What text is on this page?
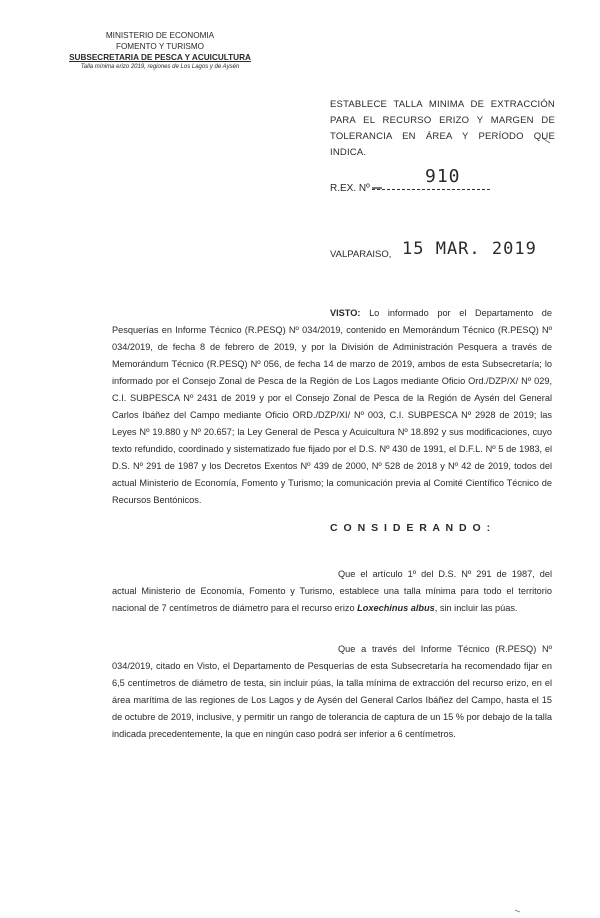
MINISTERIO DE ECONOMIA
FOMENTO Y TURISMO
SUBSECRETARIA DE PESCA Y ACUICULTURA
Talla mínima erizo 2019, regiones de Los Lagos y de Aysén
ESTABLECE TALLA MINIMA DE EXTRACCIÓN PARA EL RECURSO ERIZO Y MARGEN DE TOLERANCIA EN ÁREA Y PERÍODO QUE INDICA.
R.EX. Nº
910
VALPARAISO, 15 MAR. 2019
VISTO: Lo informado por el Departamento de Pesquerías en Informe Técnico (R.PESQ) Nº 034/2019, contenido en Memorándum Técnico (R.PESQ) Nº 034/2019, de fecha 8 de febrero de 2019, y por la División de Administración Pesquera a través de Memorándum Técnico (R.PESQ) Nº 056, de fecha 14 de marzo de 2019, ambos de esta Subsecretaría; lo informado por el Consejo Zonal de Pesca de la Región de Los Lagos mediante Oficio Ord./DZP/X/ Nº 029, C.I. SUBPESCA Nº 2431 de 2019 y por el Consejo Zonal de Pesca de la Región de Aysén del General Carlos Ibáñez del Campo mediante Oficio ORD./DZP/XI/ Nº 003, C.I. SUBPESCA Nº 2928 de 2019; las Leyes Nº 19.880 y Nº 20.657; la Ley General de Pesca y Acuicultura Nº 18.892 y sus modificaciones, cuyo texto refundido, coordinado y sistematizado fue fijado por el D.S. Nº 430 de 1991, el D.F.L. Nº 5 de 1983, el D.S. Nº 291 de 1987 y los Decretos Exentos Nº 439 de 2000, Nº 528 de 2018 y Nº 42 de 2019, todos del actual Ministerio de Economía, Fomento y Turismo; la comunicación previa al Comité Científico Técnico de Recursos Bentónicos.
C O N S I D E R A N D O :
Que el artículo 1º del D.S. Nº 291 de 1987, del actual Ministerio de Economía, Fomento y Turismo, establece una talla mínima para todo el territorio nacional de 7 centímetros de diámetro para el recurso erizo Loxechinus albus, sin incluir las púas.
Que a través del Informe Técnico (R.PESQ) Nº 034/2019, citado en Visto, el Departamento de Pesquerías de esta Subsecretaría ha recomendado fijar en 6,5 centímetros de diámetro de testa, sin incluir púas, la talla mínima de extracción del recurso erizo, en el área marítima de las regiones de Los Lagos y de Aysén del General Carlos Ibáñez del Campo, hasta el 15 de octubre de 2019, inclusive, y permitir un rango de tolerancia de captura de un 15 % por debajo de la talla indicada precedentemente, la que en ningún caso podrá ser inferior a 6 centímetros.
